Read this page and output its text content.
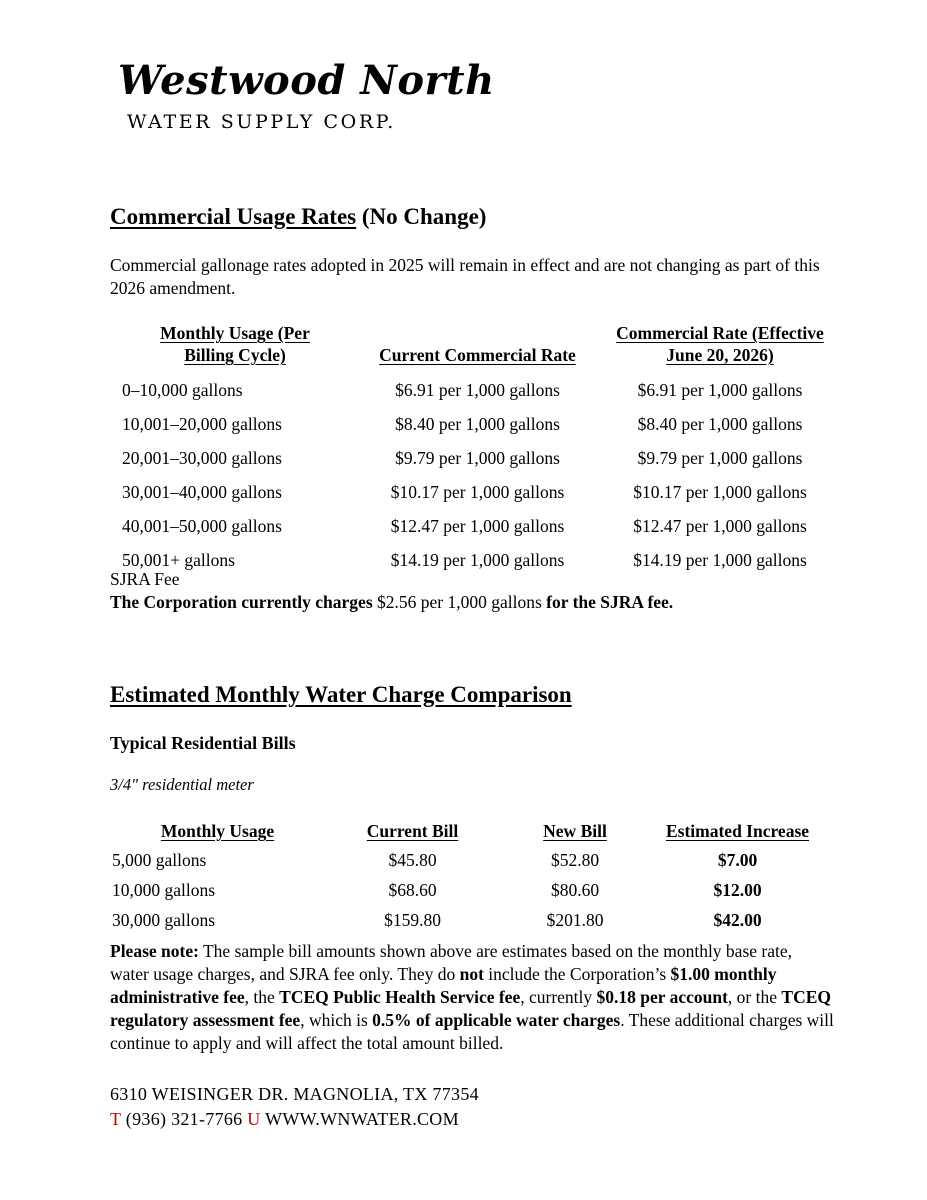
Westwood North
WATER SUPPLY CORP.
Commercial Usage Rates (No Change)

Commercial gallonage rates adopted in 2025 will remain in effect and are not changing as part of this 2026 amendment.

Monthly Usage (Per
Billing Cycle)	Current Commercial Rate	Commercial Rate (Effective
June 20, 2026)
0–10,000 gallons	$6.91 per 1,000 gallons	$6.91 per 1,000 gallons
10,001–20,000 gallons	$8.40 per 1,000 gallons	$8.40 per 1,000 gallons
20,001–30,000 gallons	$9.79 per 1,000 gallons	$9.79 per 1,000 gallons
30,001–40,000 gallons	$10.17 per 1,000 gallons	$10.17 per 1,000 gallons
40,001–50,000 gallons	$12.47 per 1,000 gallons	$12.47 per 1,000 gallons
50,001+ gallons	$14.19 per 1,000 gallons	$14.19 per 1,000 gallons

SJRA Fee

The Corporation currently charges $2.56 per 1,000 gallons for the SJRA fee.

Estimated Monthly Water Charge Comparison
Typical Residential Bills

3/4" residential meter

Monthly Usage	Current Bill	New Bill	Estimated Increase
5,000 gallons	$45.80	$52.80	$7.00
10,000 gallons	$68.60	$80.60	$12.00
30,000 gallons	$159.80	$201.80	$42.00

Please note: The sample bill amounts shown above are estimates based on the monthly base rate, water usage charges, and SJRA fee only. They do not include the Corporation’s $1.00 monthly administrative fee, the TCEQ Public Health Service fee, currently $0.18 per account, or the TCEQ regulatory assessment fee, which is 0.5% of applicable water charges. These additional charges will continue to apply and will affect the total amount billed.

6310 WEISINGER DR. MAGNOLIA, TX 77354
T (936) 321-7766 U WWW.WNWATER.COM
